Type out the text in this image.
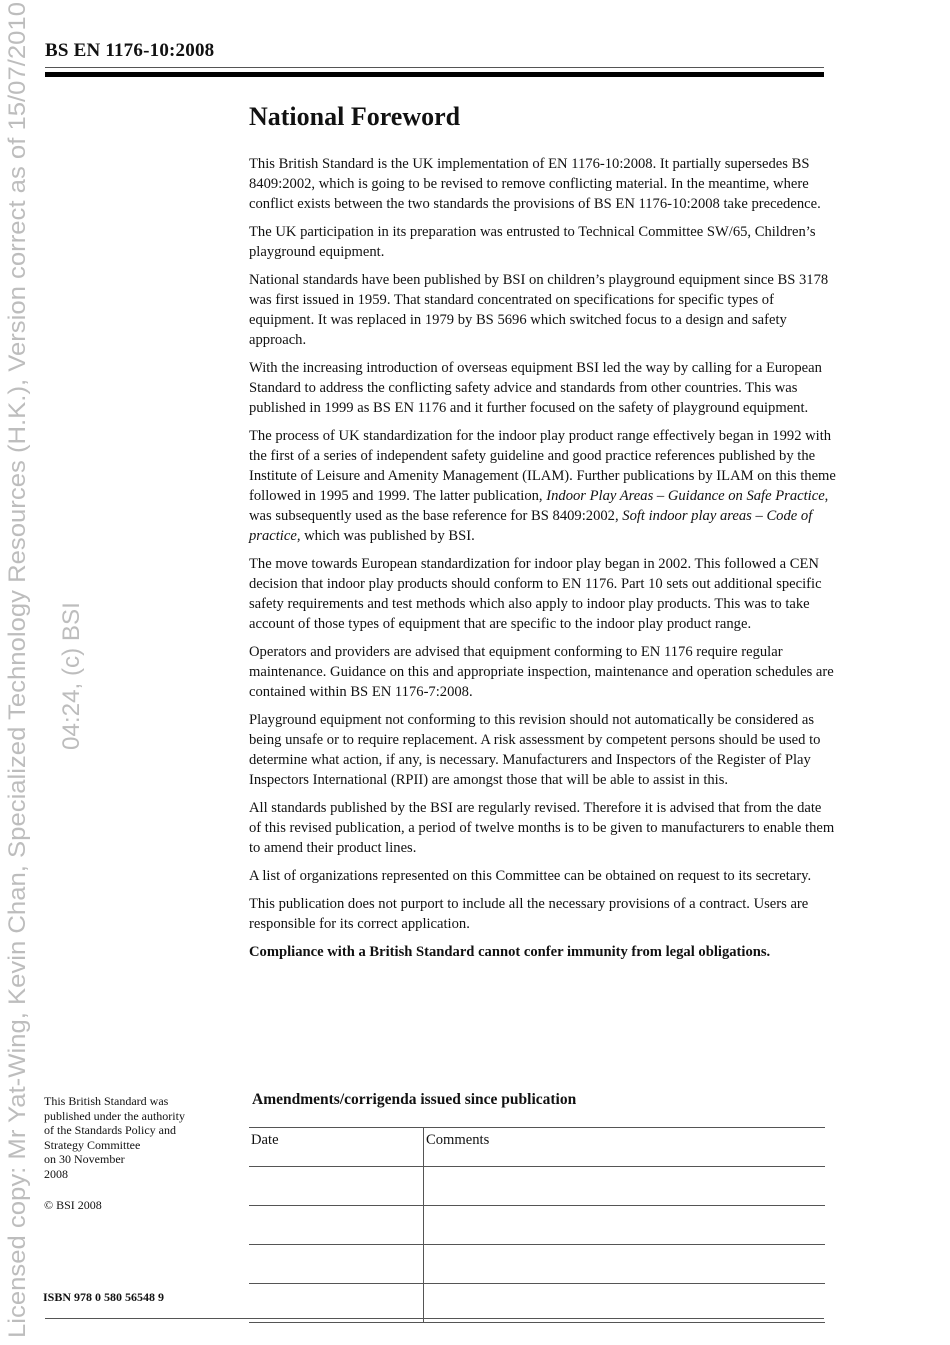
Licensed copy: Mr Yat-Wing, Kevin Chan, Specialized Technology Resources (H.K.), Version correct as of 15/07/2010 04:24, (c) BSI
BS EN 1176-10:2008
National Foreword

This British Standard is the UK implementation of EN 1176-10:2008. It partially supersedes BS 8409:2002, which is going to be revised to remove conflicting material. In the meantime, where conflict exists between the two standards the provisions of BS EN 1176-10:2008 take precedence.

The UK participation in its preparation was entrusted to Technical Committee SW/65, Children’s playground equipment.

National standards have been published by BSI on children’s playground equipment since BS 3178 was first issued in 1959. That standard concentrated on specifications for specific types of equipment. It was replaced in 1979 by BS 5696 which switched focus to a design and safety approach.

With the increasing introduction of overseas equipment BSI led the way by calling for a European Standard to address the conflicting safety advice and standards from other countries. This was published in 1999 as BS EN 1176 and it further focused on the safety of playground equipment.

The process of UK standardization for the indoor play product range effectively began in 1992 with the first of a series of independent safety guideline and good practice references published by the Institute of Leisure and Amenity Management (ILAM). Further publications by ILAM on this theme followed in 1995 and 1999. The latter publication, Indoor Play Areas – Guidance on Safe Practice, was subsequently used as the base reference for BS 8409:2002, Soft indoor play areas – Code of practice, which was published by BSI.

The move towards European standardization for indoor play began in 2002. This followed a CEN decision that indoor play products should conform to EN 1176. Part 10 sets out additional specific safety requirements and test methods which also apply to indoor play products. This was to take account of those types of equipment that are specific to the indoor play product range.

Operators and providers are advised that equipment conforming to EN 1176 require regular maintenance. Guidance on this and appropriate inspection, maintenance and operation schedules are contained within BS EN 1176-7:2008.

Playground equipment not conforming to this revision should not automatically be considered as being unsafe or to require replacement. A risk assessment by competent persons should be used to determine what action, if any, is necessary. Manufacturers and Inspectors of the Register of Play Inspectors International (RPII) are amongst those that will be able to assist in this.

All standards published by the BSI are regularly revised. Therefore it is advised that from the date of this revised publication, a period of twelve months is to be given to manufacturers to enable them to amend their product lines.

A list of organizations represented on this Committee can be obtained on request to its secretary.

This publication does not purport to include all the necessary provisions of a contract. Users are responsible for its correct application.

Compliance with a British Standard cannot confer immunity from legal obligations.

This British Standard was
published under the authority
of the Standards Policy and
Strategy Committee
on 30 November
2008
© BSI 2008
ISBN 978 0 580 56548 9
Amendments/corrigenda issued since publication
Date	Comments
